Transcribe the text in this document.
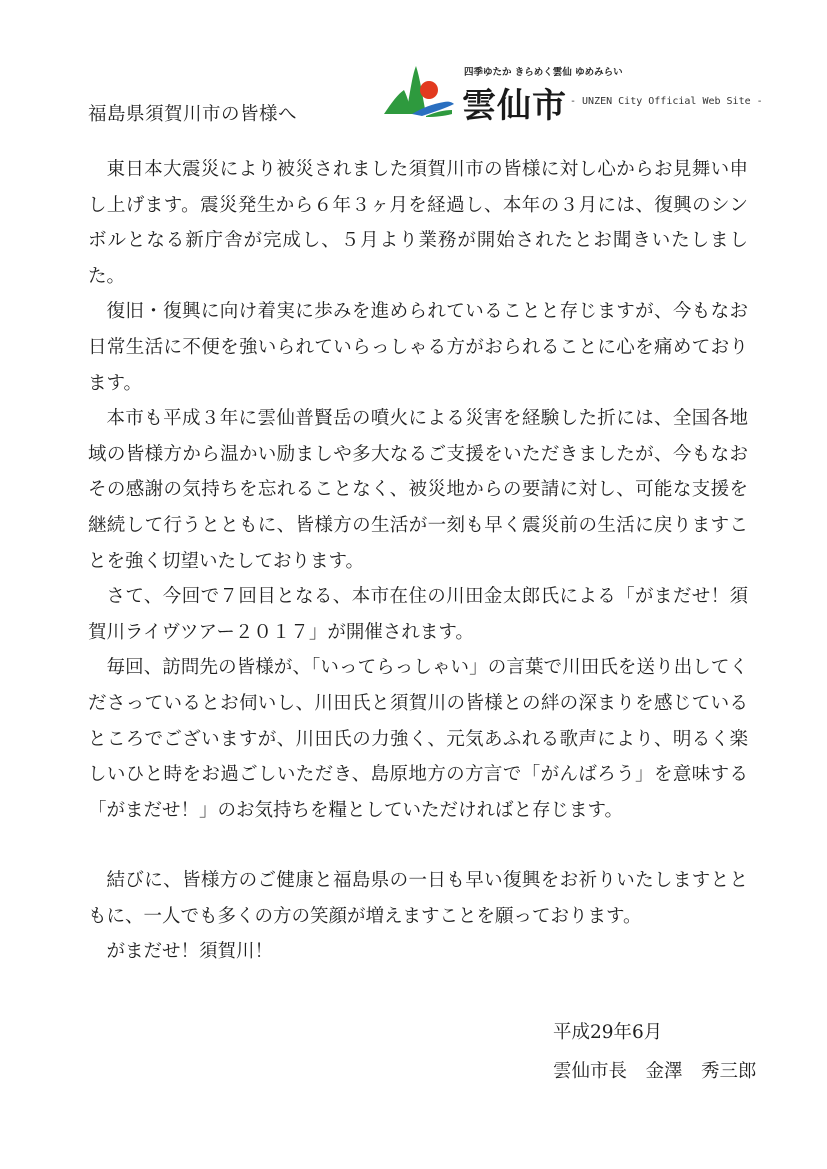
福島県須賀川市の皆様へ
四季ゆたか きらめく雲仙 ゆめみらい
雲仙市 - UNZEN City Official Web Site -

東日本大震災により被災されました須賀川市の皆様に対し心からお見舞い申し上げます。震災発生から６年３ヶ月を経過し、本年の３月には、復興のシンボルとなる新庁舎が完成し、５月より業務が開始されたとお聞きいたしました。

復旧・復興に向け着実に歩みを進められていることと存じますが、今もなお日常生活に不便を強いられていらっしゃる方がおられることに心を痛めております。

本市も平成３年に雲仙普賢岳の噴火による災害を経験した折には、全国各地域の皆様方から温かい励ましや多大なるご支援をいただきましたが、今もなおその感謝の気持ちを忘れることなく、被災地からの要請に対し、可能な支援を継続して行うとともに、皆様方の生活が一刻も早く震災前の生活に戻りますことを強く切望いたしております。

さて、今回で７回目となる、本市在住の川田金太郎氏による「がまだせ！須賀川ライヴツアー２０１７」が開催されます。

毎回、訪問先の皆様が、「いってらっしゃい」の言葉で川田氏を送り出してくださっているとお伺いし、川田氏と須賀川の皆様との絆の深まりを感じているところでございますが、川田氏の力強く、元気あふれる歌声により、明るく楽しいひと時をお過ごしいただき、島原地方の方言で「がんばろう」を意味する「がまだせ！」のお気持ちを糧としていただければと存じます。

結びに、皆様方のご健康と福島県の一日も早い復興をお祈りいたしますとともに、一人でも多くの方の笑顔が増えますことを願っております。

がまだせ！須賀川！

平成29年6月
雲仙市長　金澤　秀三郎
